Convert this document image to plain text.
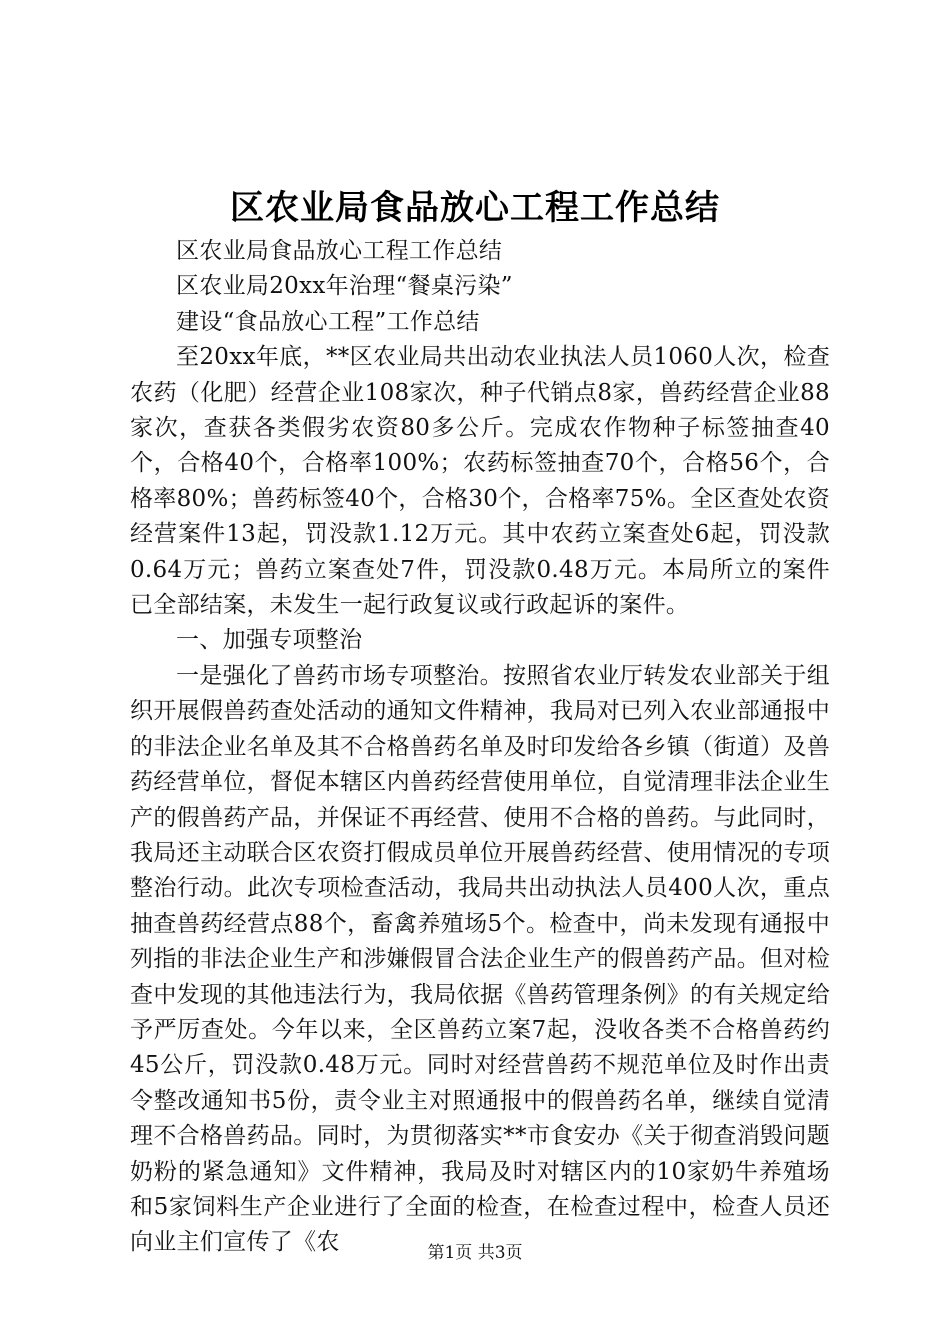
区农业局食品放心工程工作总结

区农业局食品放心工程工作总结

区农业局20xx年治理“餐桌污染”

建设“食品放心工程”工作总结

至20xx年底，**区农业局共出动农业执法人员1060人次，检查农药（化肥）经营企业108家次，种子代销点8家，兽药经营企业88家次，查获各类假劣农资80多公斤。完成农作物种子标签抽查40个，合格40个，合格率100%；农药标签抽查70个，合格56个，合格率80%；兽药标签40个，合格30个，合格率75%。全区查处农资经营案件13起，罚没款1.12万元。其中农药立案查处6起，罚没款0.64万元；兽药立案查处7件，罚没款0.48万元。本局所立的案件已全部结案，未发生一起行政复议或行政起诉的案件。

一、加强专项整治

一是强化了兽药市场专项整治。按照省农业厅转发农业部关于组织开展假兽药查处活动的通知文件精神，我局对已列入农业部通报中的非法企业名单及其不合格兽药名单及时印发给各乡镇（街道）及兽药经营单位，督促本辖区内兽药经营使用单位，自觉清理非法企业生产的假兽药产品，并保证不再经营、使用不合格的兽药。与此同时，我局还主动联合区农资打假成员单位开展兽药经营、使用情况的专项整治行动。此次专项检查活动，我局共出动执法人员400人次，重点抽查兽药经营点88个，畜禽养殖场5个。检查中，尚未发现有通报中列指的非法企业生产和涉嫌假冒合法企业生产的假兽药产品。但对检查中发现的其他违法行为，我局依据《兽药管理条例》的有关规定给予严厉查处。今年以来，全区兽药立案7起，没收各类不合格兽药约45公斤，罚没款0.48万元。同时对经营兽药不规范单位及时作出责令整改通知书5份，责令业主对照通报中的假兽药名单，继续自觉清理不合格兽药品。同时，为贯彻落实**市食安办《关于彻查消毁问题奶粉的紧急通知》文件精神，我局及时对辖区内的10家奶牛养殖场和5家饲料生产企业进行了全面的检查，在检查过程中，检查人员还向业主们宣传了《农	第1页 共3页
